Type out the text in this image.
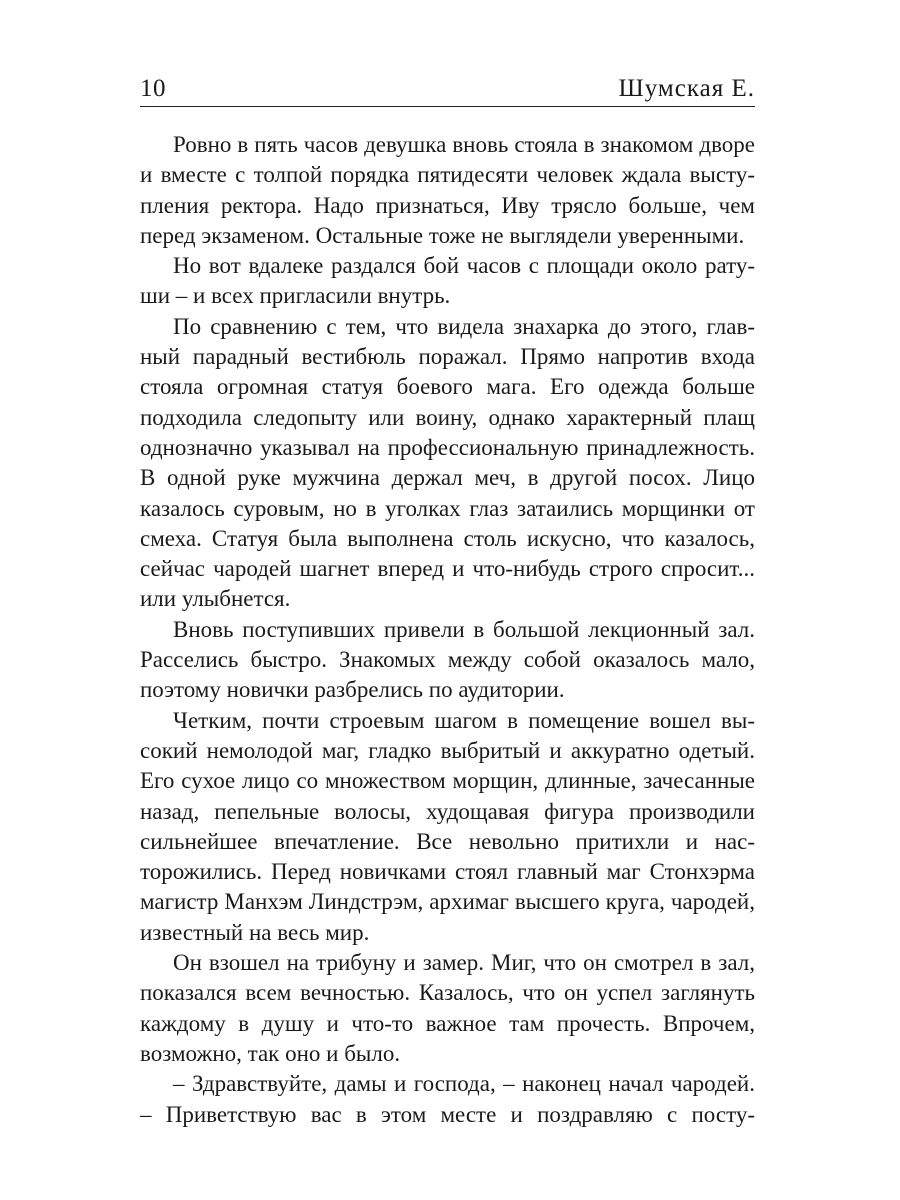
10	Шумская Е.

Ровно в пять часов девушка вновь стояла в знакомом дворе и вместе с толпой порядка пятидесяти человек ждала выступления ректора. Надо признаться, Иву трясло больше, чем перед экзаменом. Остальные тоже не выглядели уверенными.

Но вот вдалеке раздался бой часов с площади около ратуши – и всех пригласили внутрь.

По сравнению с тем, что видела знахарка до этого, главный парадный вестибюль поражал. Прямо напротив входа стояла огромная статуя боевого мага. Его одежда больше подходила следопыту или воину, однако характерный плащ однозначно указывал на профессиональную принадлежность. В одной руке мужчина держал меч, в другой посох. Лицо казалось суровым, но в уголках глаз затаились морщинки от смеха. Статуя была выполнена столь искусно, что казалось, сейчас чародей шагнет вперед и что-нибудь строго спросит... или улыбнется.

Вновь поступивших привели в большой лекционный зал. Расселись быстро. Знакомых между собой оказалось мало, поэтому новички разбрелись по аудитории.

Четким, почти строевым шагом в помещение вошел высокий немолодой маг, гладко выбритый и аккуратно одетый. Его сухое лицо со множеством морщин, длинные, зачесанные назад, пепельные волосы, худощавая фигура производили сильнейшее впечатление. Все невольно притихли и насторожились. Перед новичками стоял главный маг Стонхэрма магистр Манхэм Линдстрэм, архимаг высшего круга, чародей, известный на весь мир.

Он взошел на трибуну и замер. Миг, что он смотрел в зал, показался всем вечностью. Казалось, что он успел заглянуть каждому в душу и что-то важное там прочесть. Впрочем, возможно, так оно и было.

– Здравствуйте, дамы и господа, – наконец начал чародей. – Приветствую вас в этом месте и поздравляю с посту-
